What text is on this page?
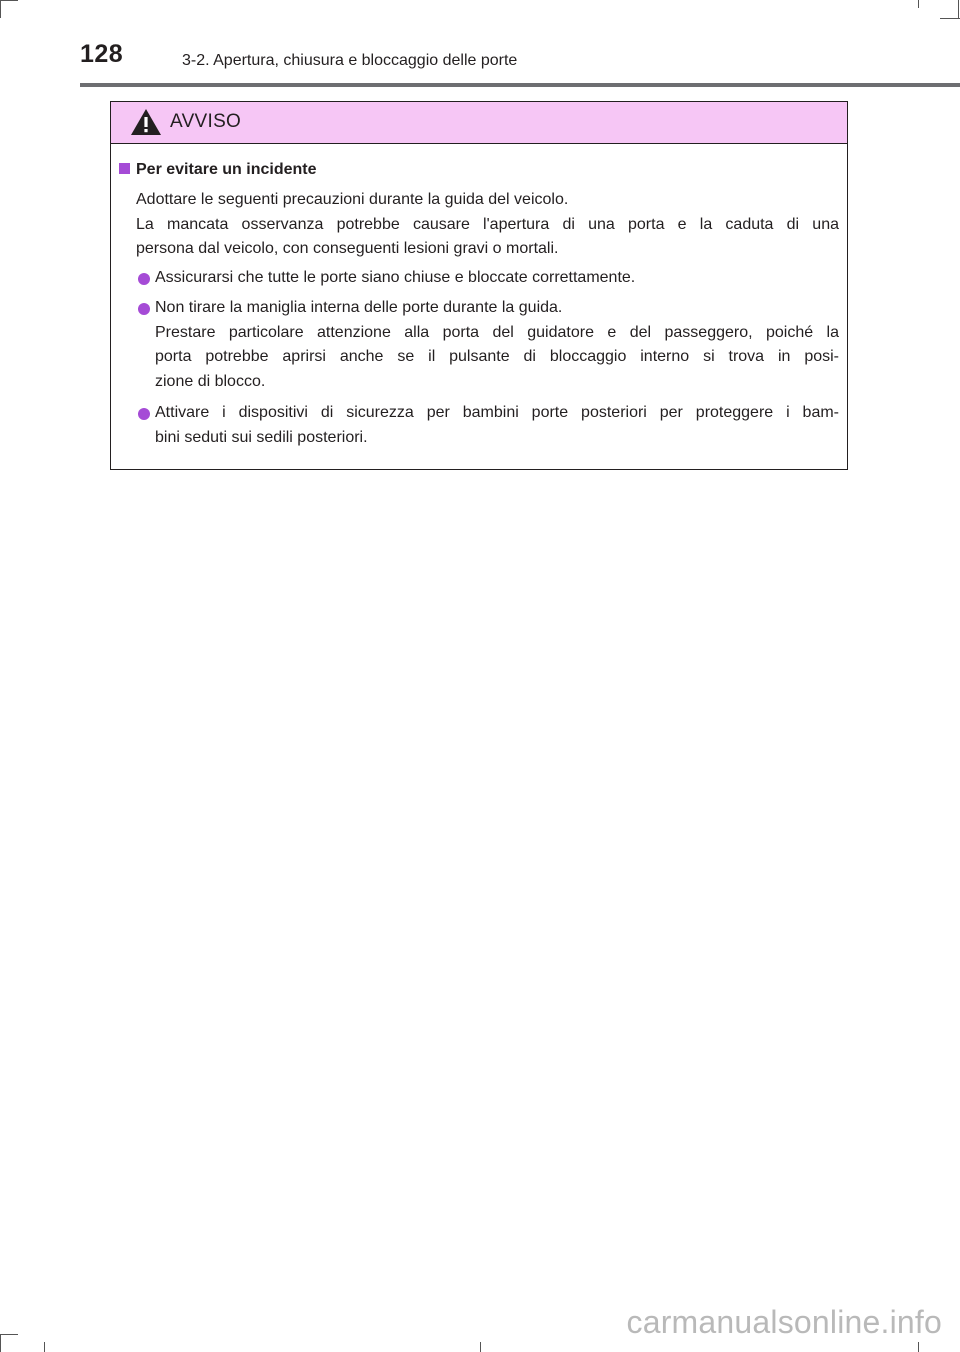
128	3-2. Apertura, chiusura e bloccaggio delle porte
AVVISO
Per evitare un incidente
Adottare le seguenti precauzioni durante la guida del veicolo.
La mancata osservanza potrebbe causare l'apertura di una porta e la caduta di una
persona dal veicolo, con conseguenti lesioni gravi o mortali.
Assicurarsi che tutte le porte siano chiuse e bloccate correttamente.
Non tirare la maniglia interna delle porte durante la guida.
Prestare particolare attenzione alla porta del guidatore e del passeggero, poiché la
porta potrebbe aprirsi anche se il pulsante di bloccaggio interno si trova in posi-
zione di blocco.
Attivare i dispositivi di sicurezza per bambini porte posteriori per proteggere i bam-
bini seduti sui sedili posteriori.
carmanualsonline.info
